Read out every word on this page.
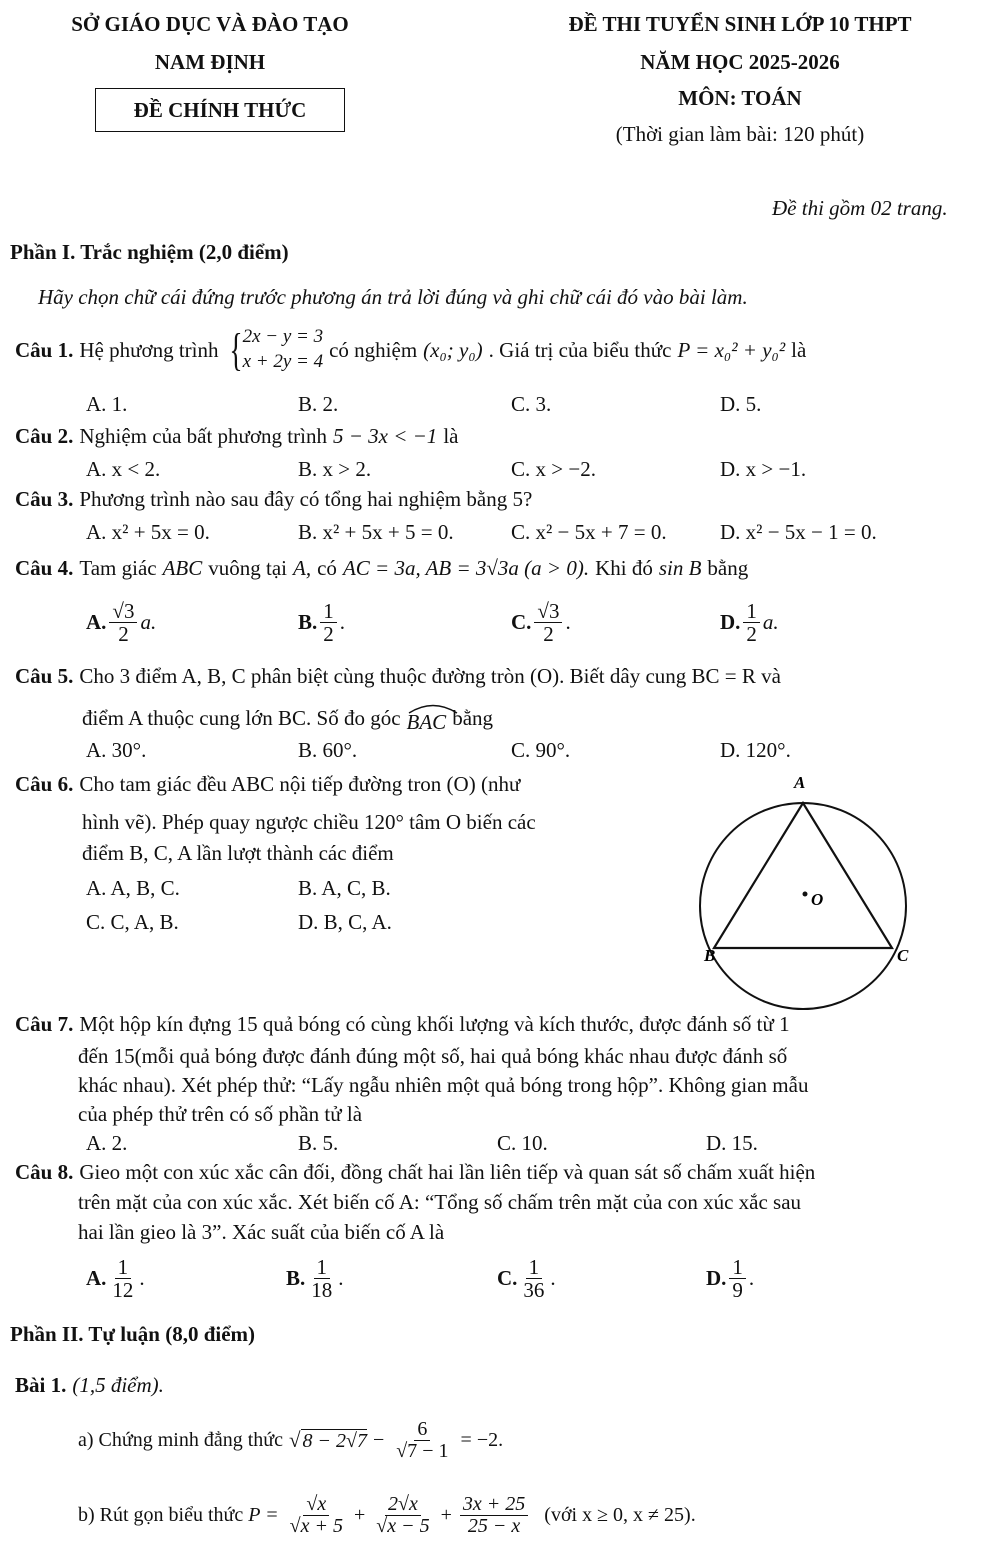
SỞ GIÁO DỤC VÀ ĐÀO TẠO
NAM ĐỊNH
ĐỀ CHÍNH THỨC
ĐỀ THI TUYỂN SINH LỚP 10 THPT
NĂM HỌC 2025-2026
MÔN: TOÁN
(Thời gian làm bài: 120 phút)
Đề thi gồm 02 trang.
Phần I. Trắc nghiệm (2,0 điểm)
Hãy chọn chữ cái đứng trước phương án trả lời đúng và ghi chữ cái đó vào bài làm.
Câu 1. Hệ phương trình { 2x − y = 3
x + 2y = 4 có nghiệm (x₀; y₀) . Giá trị của biểu thức P = x₀² + y₀² là
A. 1.	B. 2.	C. 3.	D. 5.
Câu 2. Nghiệm của bất phương trình 5 − 3x < −1 là
A. x < 2.	B. x > 2.	C. x > −2.	D. x > −1.
Câu 3. Phương trình nào sau đây có tổng hai nghiệm bằng 5?
A. x² + 5x = 0.	B. x² + 5x + 5 = 0.	C. x² − 5x + 7 = 0.	D. x² − 5x − 1 = 0.
Câu 4. Tam giác ABC vuông tại A, có AC = 3a, AB = 3√3a (a > 0). Khi đó sin B bằng
A. $\frac{√3}{2} a$.	B. $\frac{1}{2}$ .	C. $\frac{√3}{2}$ .	D. $\frac{1}{2} a$.
Câu 5. Cho 3 điểm A, B, C phân biệt cùng thuộc đường tròn (O). Biết dây cung BC = R và
điểm A thuộc cung lớn BC. Số đo góc BAC bằng
A. 30°.	B. 60°.	C. 90°.	D. 120°.
Câu 6. Cho tam giác đều ABC nội tiếp đường tron (O) (như
hình vẽ). Phép quay ngược chiều 120° tâm O biến các
điểm B, C, A lần lượt thành các điểm
A. A, B, C.	B. A, C, B.
C. C, A, B.	D. B, C, A.
A
B	C
O
Câu 7. Một hộp kín đựng 15 quả bóng có cùng khối lượng và kích thước, được đánh số từ 1
đến 15(mỗi quả bóng được đánh đúng một số, hai quả bóng khác nhau được đánh số
khác nhau). Xét phép thử: “Lấy ngẫu nhiên một quả bóng trong hộp”. Không gian mẫu
của phép thử trên có số phần tử là
A. 2.	B. 5.	C. 10.	D. 15.
Câu 8. Gieo một con xúc xắc cân đối, đồng chất hai lần liên tiếp và quan sát số chấm xuất hiện
trên mặt của con xúc xắc. Xét biến cố A: “Tổng số chấm trên mặt của con xúc xắc sau
hai lần gieo là 3”. Xác suất của biến cố A là
A. $\frac{1}{12}$ .	B. $\frac{1}{18}$ .	C. $\frac{1}{36}$ .	D. $\frac{1}{9}$ .
Phần II. Tự luận (8,0 điểm)
Bài 1. (1,5 điểm).
a) Chứng minh đẳng thức √ $8 - 2√7 - \frac{6}{√7 - 1} = -2$.
b) Rút gọn biểu thức $P = \frac{√x}{√x + 5} + \frac{2√x}{√x - 5} + \frac{3x + 25}{25 - x}$ (với x ≥ 0, x ≠ 25).
